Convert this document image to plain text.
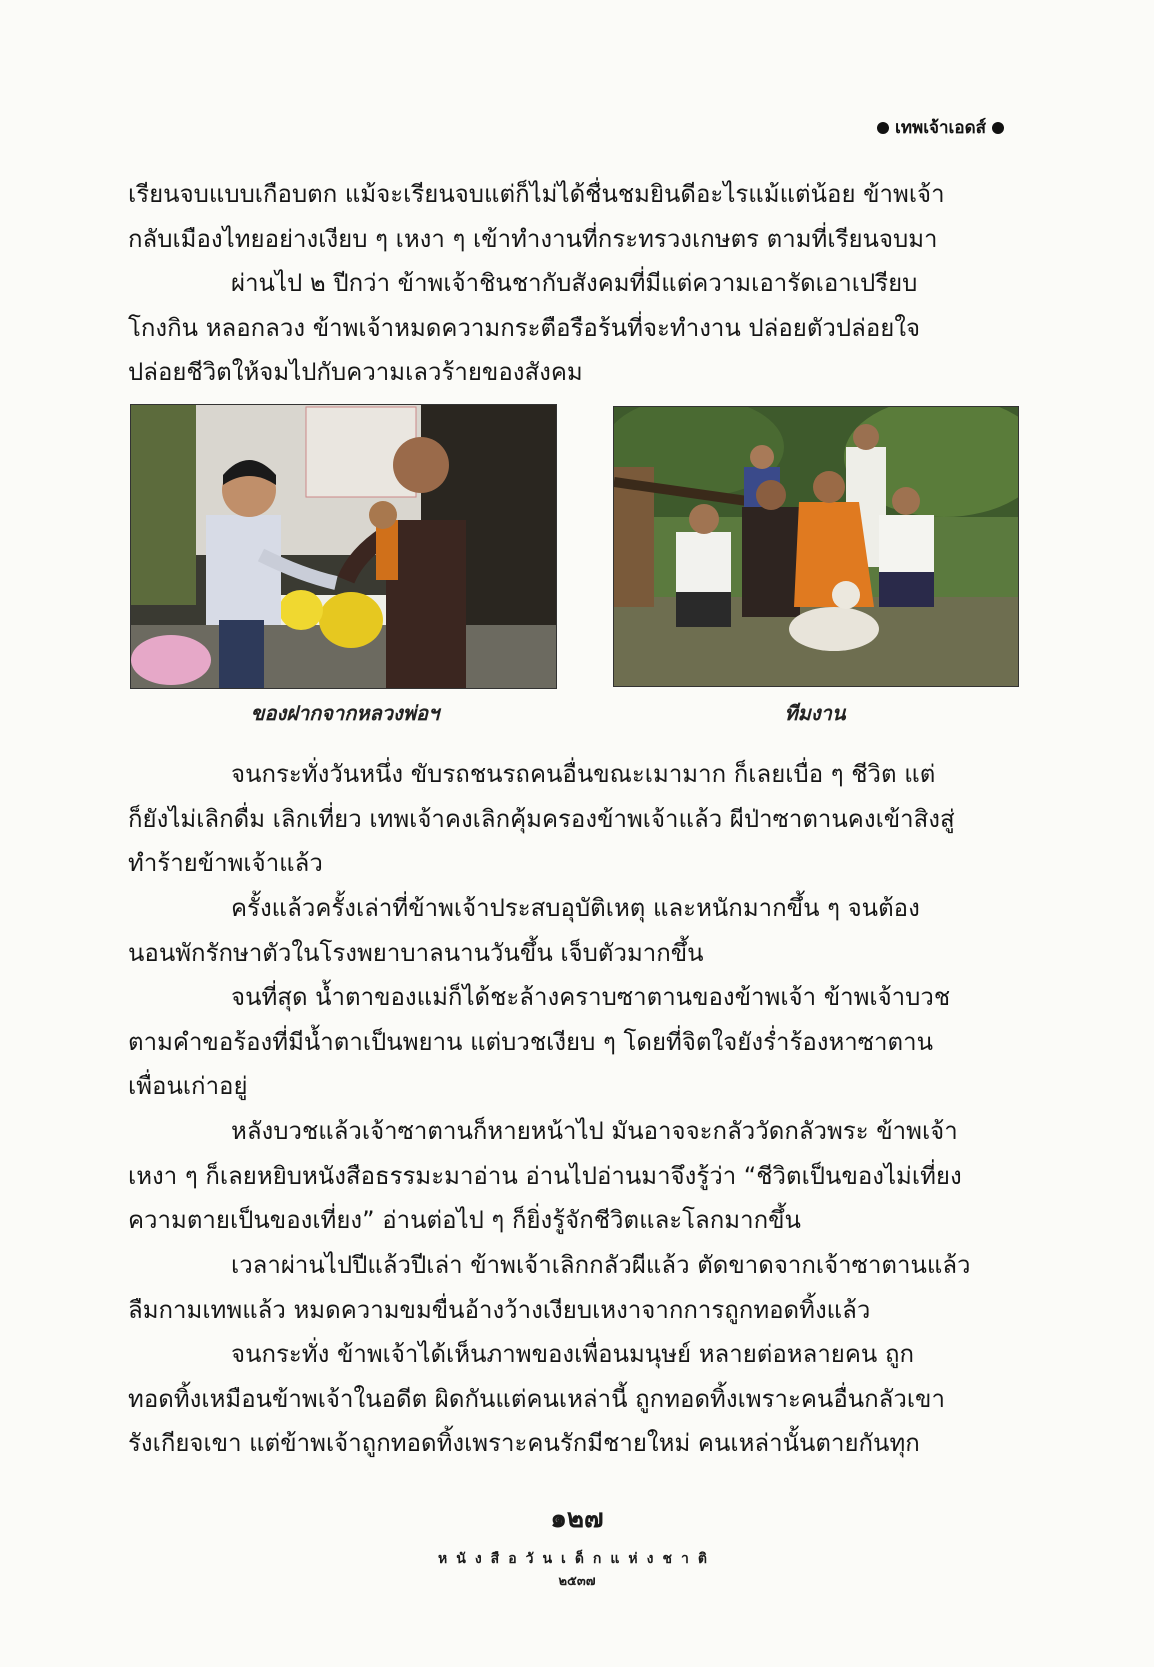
เทพเจ้าเอดส์
เรียนจบแบบเกือบตก แม้จะเรียนจบแต่ก็ไม่ได้ชื่นชมยินดีอะไรแม้แต่น้อย ข้าพเจ้า
กลับเมืองไทยอย่างเงียบ ๆ เหงา ๆ เข้าทำงานที่กระทรวงเกษตร ตามที่เรียนจบมา
ผ่านไป ๒ ปีกว่า ข้าพเจ้าชินชากับสังคมที่มีแต่ความเอารัดเอาเปรียบ
โกงกิน หลอกลวง ข้าพเจ้าหมดความกระตือรือร้นที่จะทำงาน ปล่อยตัวปล่อยใจ
ปล่อยชีวิตให้จมไปกับความเลวร้ายของสังคม
ของฝากจากหลวงพ่อฯ	ทีมงาน
จนกระทั่งวันหนึ่ง ขับรถชนรถคนอื่นขณะเมามาก ก็เลยเบื่อ ๆ ชีวิต แต่
ก็ยังไม่เลิกดื่ม เลิกเที่ยว เทพเจ้าคงเลิกคุ้มครองข้าพเจ้าแล้ว ผีป่าซาตานคงเข้าสิงสู่
ทำร้ายข้าพเจ้าแล้ว
ครั้งแล้วครั้งเล่าที่ข้าพเจ้าประสบอุบัติเหตุ และหนักมากขึ้น ๆ จนต้อง
นอนพักรักษาตัวในโรงพยาบาลนานวันขึ้น เจ็บตัวมากขึ้น
จนที่สุด น้ำตาของแม่ก็ได้ชะล้างคราบซาตานของข้าพเจ้า ข้าพเจ้าบวช
ตามคำขอร้องที่มีน้ำตาเป็นพยาน แต่บวชเงียบ ๆ โดยที่จิตใจยังร่ำร้องหาซาตาน
เพื่อนเก่าอยู่
หลังบวชแล้วเจ้าซาตานก็หายหน้าไป มันอาจจะกลัววัดกลัวพระ ข้าพเจ้า
เหงา ๆ ก็เลยหยิบหนังสือธรรมะมาอ่าน อ่านไปอ่านมาจึงรู้ว่า “ชีวิตเป็นของไม่เที่ยง
ความตายเป็นของเที่ยง” อ่านต่อไป ๆ ก็ยิ่งรู้จักชีวิตและโลกมากขึ้น
เวลาผ่านไปปีแล้วปีเล่า ข้าพเจ้าเลิกกลัวผีแล้ว ตัดขาดจากเจ้าซาตานแล้ว
ลืมกามเทพแล้ว หมดความขมขื่นอ้างว้างเงียบเหงาจากการถูกทอดทิ้งแล้ว
จนกระทั่ง ข้าพเจ้าได้เห็นภาพของเพื่อนมนุษย์ หลายต่อหลายคน ถูก
ทอดทิ้งเหมือนข้าพเจ้าในอดีต ผิดกันแต่คนเหล่านี้ ถูกทอดทิ้งเพราะคนอื่นกลัวเขา
รังเกียจเขา แต่ข้าพเจ้าถูกทอดทิ้งเพราะคนรักมีชายใหม่ คนเหล่านั้นตายกันทุก
๑๒๗
หนังสือวันเด็กแห่งชาติ
๒๕๓๗
